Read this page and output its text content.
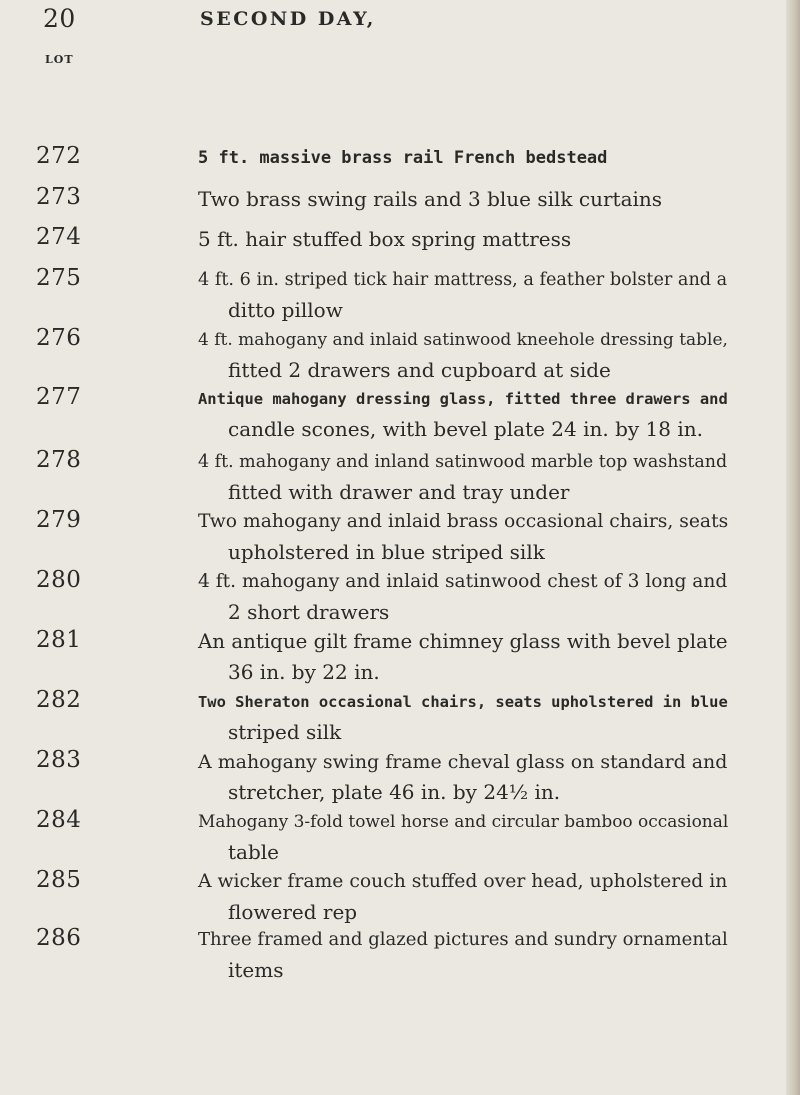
20	SECOND DAY,
LOT
272	5 ft. massive brass rail French bedstead
273	Two brass swing rails and 3 blue silk curtains
274	5 ft. hair stuffed box spring mattress
275	4 ft. 6 in. striped tick hair mattress, a feather bolster and a
ditto pillow
276	4 ft. mahogany and inlaid satinwood kneehole dressing table,
fitted 2 drawers and cupboard at side
277	Antique mahogany dressing glass, fitted three drawers and
candle scones, with bevel plate 24 in. by 18 in.
278	4 ft. mahogany and inland satinwood marble top washstand
fitted with drawer and tray under
279	Two mahogany and inlaid brass occasional chairs, seats
upholstered in blue striped silk
280	4 ft. mahogany and inlaid satinwood chest of 3 long and
2 short drawers
281	An antique gilt frame chimney glass with bevel plate
36 in. by 22 in.
282	Two Sheraton occasional chairs, seats upholstered in blue
striped silk
283	A mahogany swing frame cheval glass on standard and
stretcher, plate 46 in. by 24½ in.
284	Mahogany 3-fold towel horse and circular bamboo occasional
table
285	A wicker frame couch stuffed over head, upholstered in
flowered rep
286	Three framed and glazed pictures and sundry ornamental
items
